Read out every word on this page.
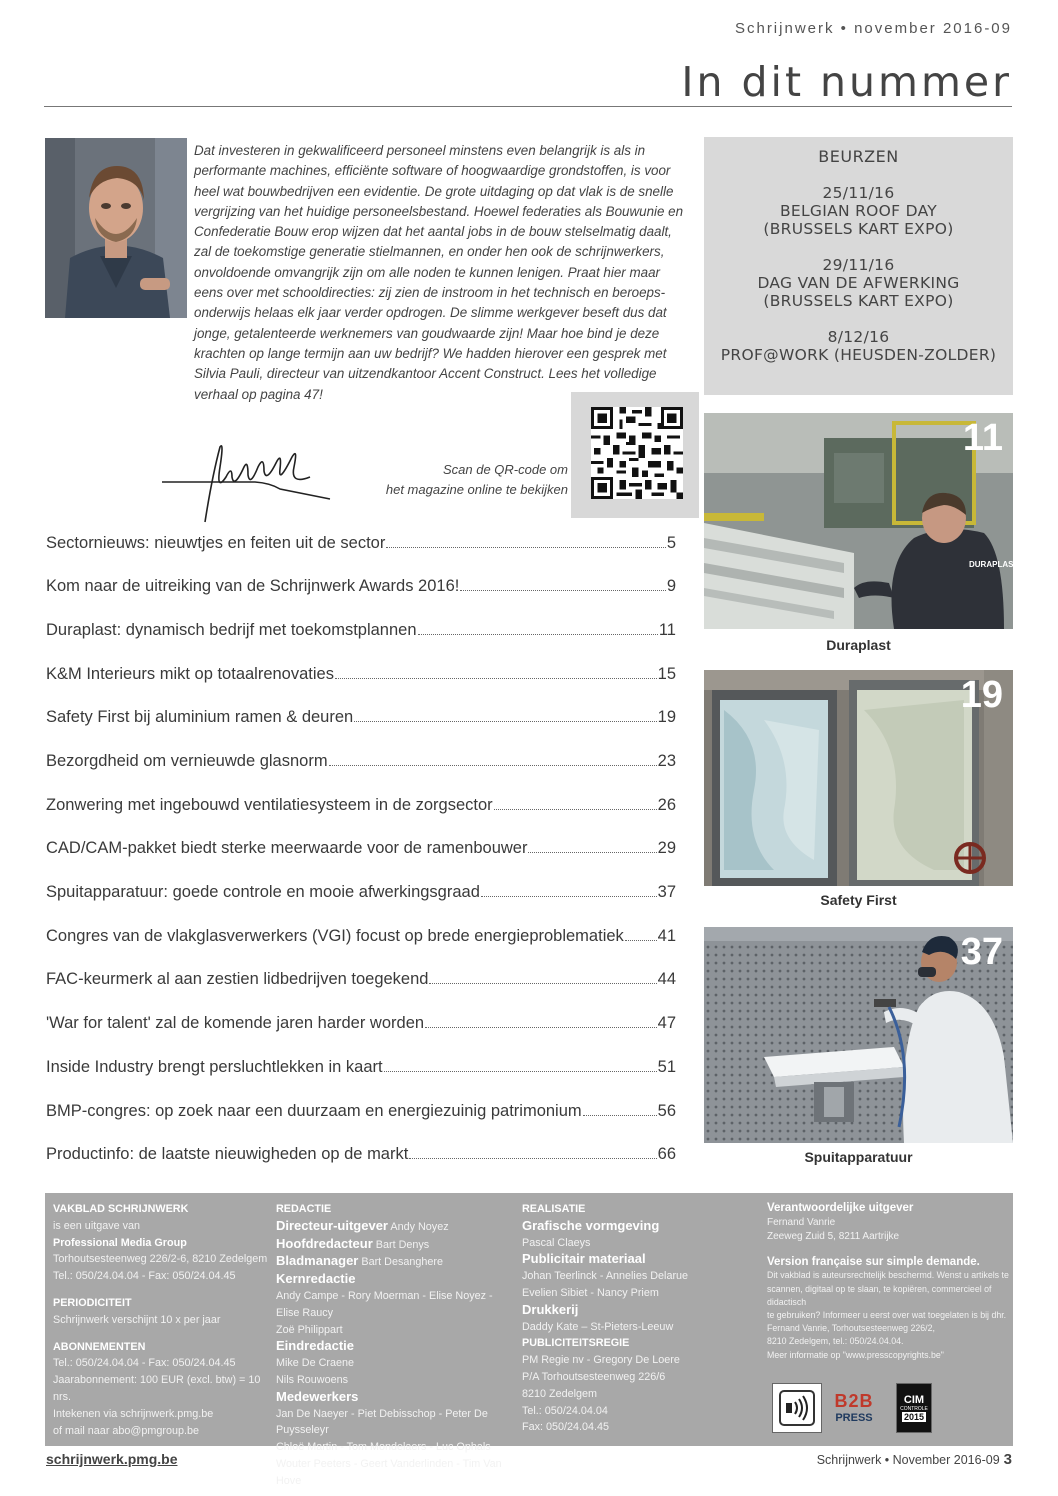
Schrijnwerk • november 2016-09
In dit nummer
Dat investeren in gekwalificeerd personeel minstens even belangrijk is als in performante machines, efficiënte software of hoogwaardige grondstoffen, is voor heel wat bouwbedrijven een evidentie. De grote uitdaging op dat vlak is de snelle vergrijzing van het huidige personeelsbestand. Hoewel federaties als Bouwunie en Confederatie Bouw erop wijzen dat het aantal jobs in de bouw stelselmatig daalt, zal de toekomstige generatie stielmannen, en onder hen ook de schrijnwerkers, onvoldoende omvangrijk zijn om alle noden te kunnen lenigen. Praat hier maar eens over met schooldirecties: zij zien de instroom in het technisch en beroeps-onderwijs helaas elk jaar verder opdrogen. De slimme werkgever beseft dus dat jonge, getalenteerde werknemers van goudwaarde zijn! Maar hoe bind je deze krachten op lange termijn aan uw bedrijf? We hadden hierover een gesprek met Silvia Pauli, directeur van uitzendkantoor Accent Construct. Lees het volledige verhaal op pagina 47!
Scan de QR-code om
het magazine online te bekijken
BEURZEN
25/11/16
BELGIAN ROOF DAY
(BRUSSELS KART EXPO)
29/11/16
DAG VAN DE AFWERKING
(BRUSSELS KART EXPO)
8/12/16
PROF@WORK (HEUSDEN-ZOLDER)
Sectornieuws: nieuwtjes en feiten uit de sector	5
Kom naar de uitreiking van de Schrijnwerk Awards 2016!	9
Duraplast: dynamisch bedrijf met toekomstplannen	11
K&M Interieurs mikt op totaalrenovaties	15
Safety First bij aluminium ramen & deuren	19
Bezorgdheid om vernieuwde glasnorm	23
Zonwering met ingebouwd ventilatiesysteem in de zorgsector	26
CAD/CAM-pakket biedt sterke meerwaarde voor de ramenbouwer	29
Spuitapparatuur: goede controle en mooie afwerkingsgraad	37
Congres van de vlakglasverwerkers (VGI) focust op brede energieproblematiek 41
FAC-keurmerk al aan zestien lidbedrijven toegekend	44
'War for talent' zal de komende jaren harder worden	47
Inside Industry brengt persluchtlekken in kaart	51
BMP-congres: op zoek naar een duurzaam en energiezuinig patrimonium	56
Productinfo: de laatste nieuwigheden op de markt	66
DURAPLAST
11
Duraplast
19
Safety First
37
Spuitapparatuur
VAKBLAD SCHRIJNWERK
is een uitgave van
Professional Media Group
Torhoutsesteenweg 226/2-6, 8210 Zedelgem
Tel.: 050/24.04.04 - Fax: 050/24.04.45
PERIODICITEIT
Schrijnwerk verschijnt 10 x per jaar
ABONNEMENTEN
Tel.: 050/24.04.04 - Fax: 050/24.04.45
Jaarabonnement: 100 EUR (excl. btw) = 10 nrs.
Intekenen via schrijnwerk.pmg.be
of mail naar abo@pmgroup.be
REDACTIE
Directeur-uitgever Andy Noyez
Hoofdredacteur Bart Denys
Bladmanager Bart Desanghere
Kernredactie
Andy Campe - Rory Moerman - Elise Noyez - Elise Raucy
Zoë Philippart
Eindredactie
Mike De Craene
Nils Rouwoens
Medewerkers
Jan De Naeyer - Piet Debisschop - Peter De Puysseleyr
Chloë Martin - Tom Mondelaers - Luc Ophals
Wouter Peeters - Geert Vanderlinden - Tim Van Hove
REALISATIE
Grafische vormgeving
Pascal Claeys
Publicitair materiaal
Johan Teerlinck - Annelies Delarue
Evelien Sibiet - Nancy Priem
Drukkerij
Daddy Kate – St-Pieters-Leeuw
PUBLICITEITSREGIE
PM Regie nv - Gregory De Loere
P/A Torhoutsesteenweg 226/6
8210 Zedelgem
Tel.: 050/24.04.04
Fax: 050/24.04.45
Verantwoordelijke uitgever
Fernand Vanrie
Zeeweg Zuid 5, 8211 Aartrijke
Version française sur simple demande.
Dit vakblad is auteursrechtelijk beschermd. Wenst u artikels te
scannen, digitaal op te slaan, te kopiëren, commercieel of didactisch
te gebruiken? Informeer u eerst over wat toegelaten is bij dhr.
Fernand Vanrie, Torhoutsesteenweg 226/2,
8210 Zedelgem, tel.: 050/24.04.04.
Meer informatie op "www.presscopyrights.be"
B2B
PRESS
CIM
CONTROLE
2015
schrijnwerk.pmg.be	Schrijnwerk • November 2016-09 3
